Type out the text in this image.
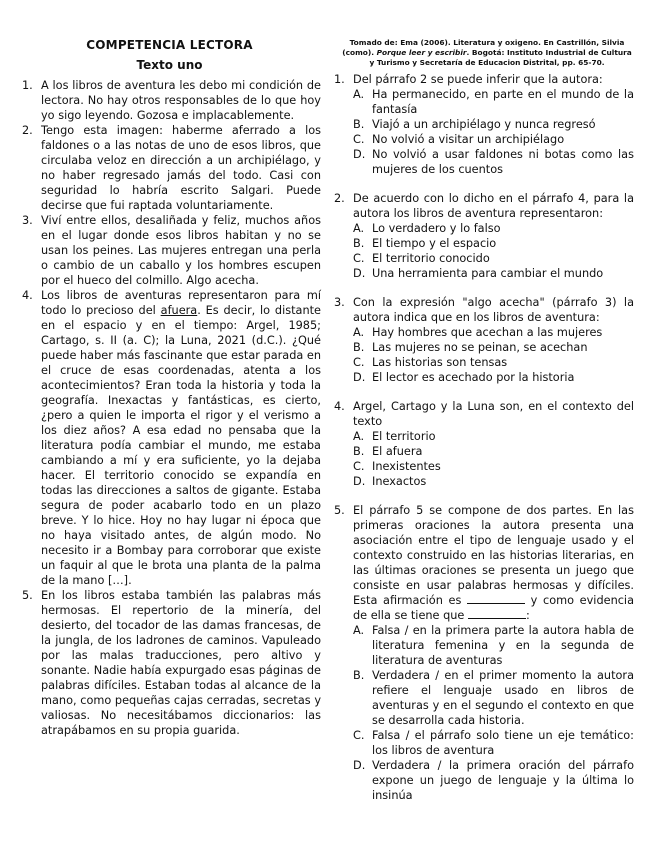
COMPETENCIA LECTORA
Texto uno
1. A los libros de aventura les debo mi condición de lectora. No hay otros responsables de lo que hoy yo sigo leyendo. Gozosa e implacablemente.
2. Tengo esta imagen: haberme aferrado a los faldones o a las notas de uno de esos libros, que circulaba veloz en dirección a un archipiélago, y no haber regresado jamás del todo. Casi con seguridad lo habría escrito Salgari. Puede decirse que fui raptada voluntariamente.
3. Viví entre ellos, desaliñada y feliz, muchos años en el lugar donde esos libros habitan y no se usan los peines. Las mujeres entregan una perla o cambio de un caballo y los hombres escupen por el hueco del colmillo. Algo acecha.
4. Los libros de aventuras representaron para mí todo lo precioso del afuera. Es decir, lo distante en el espacio y en el tiempo: Argel, 1985; Cartago, s. II (a. C); la Luna, 2021 (d.C.). ¿Qué puede haber más fascinante que estar parada en el cruce de esas coordenadas, atenta a los acontecimientos? Eran toda la historia y toda la geografía. Inexactas y fantásticas, es cierto, ¿pero a quien le importa el rigor y el verismo a los diez años? A esa edad no pensaba que la literatura podía cambiar el mundo, me estaba cambiando a mí y era suficiente, yo la dejaba hacer. El territorio conocido se expandía en todas las direcciones a saltos de gigante. Estaba segura de poder acabarlo todo en un plazo breve. Y lo hice. Hoy no hay lugar ni época que no haya visitado antes, de algún modo. No necesito ir a Bombay para corroborar que existe un faquir al que le brota una planta de la palma de la mano […].
5. En los libros estaba también las palabras más hermosas. El repertorio de la minería, del desierto, del tocador de las damas francesas, de la jungla, de los ladrones de caminos. Vapuleado por las malas traducciones, pero altivo y sonante. Nadie había expurgado esas páginas de palabras difíciles. Estaban todas al alcance de la mano, como pequeñas cajas cerradas, secretas y valiosas. No necesitábamos diccionarios: las atrapábamos en su propia guarida.
Tomado de: Ema (2006). Literatura y oxigeno. En Castrillón, Silvia (como). Porque leer y escribir. Bogotá: Instituto Industrial de Cultura y Turismo y Secretaría de Educacion Distrital, pp. 65-70.
1. Del párrafo 2 se puede inferir que la autora:
A. Ha permanecido, en parte en el mundo de la fantasía
B. Viajó a un archipiélago y nunca regresó
C. No volvió a visitar un archipiélago
D. No volvió a usar faldones ni botas como las mujeres de los cuentos
2. De acuerdo con lo dicho en el párrafo 4, para la autora los libros de aventura representaron:
A. Lo verdadero y lo falso
B. El tiempo y el espacio
C. El territorio conocido
D. Una herramienta para cambiar el mundo
3. Con la expresión "algo acecha" (párrafo 3) la autora indica que en los libros de aventura:
A. Hay hombres que acechan a las mujeres
B. Las mujeres no se peinan, se acechan
C. Las historias son tensas
D. El lector es acechado por la historia
4. Argel, Cartago y la Luna son, en el contexto del texto
A. El territorio
B. El afuera
C. Inexistentes
D. Inexactos
5. El párrafo 5 se compone de dos partes. En las primeras oraciones la autora presenta una asociación entre el tipo de lenguaje usado y el contexto construido en las historias literarias, en las últimas oraciones se presenta un juego que consiste en usar palabras hermosas y difíciles. Esta afirmación es	y como evidencia de ella se tiene que	:
A. Falsa / en la primera parte la autora habla de literatura femenina y en la segunda de literatura de aventuras
B. Verdadera / en el primer momento la autora refiere el lenguaje usado en libros de aventuras y en el segundo el contexto en que se desarrolla cada historia.
C. Falsa / el párrafo solo tiene un eje temático: los libros de aventura
D. Verdadera / la primera oración del párrafo expone un juego de lenguaje y la última lo insinúa
